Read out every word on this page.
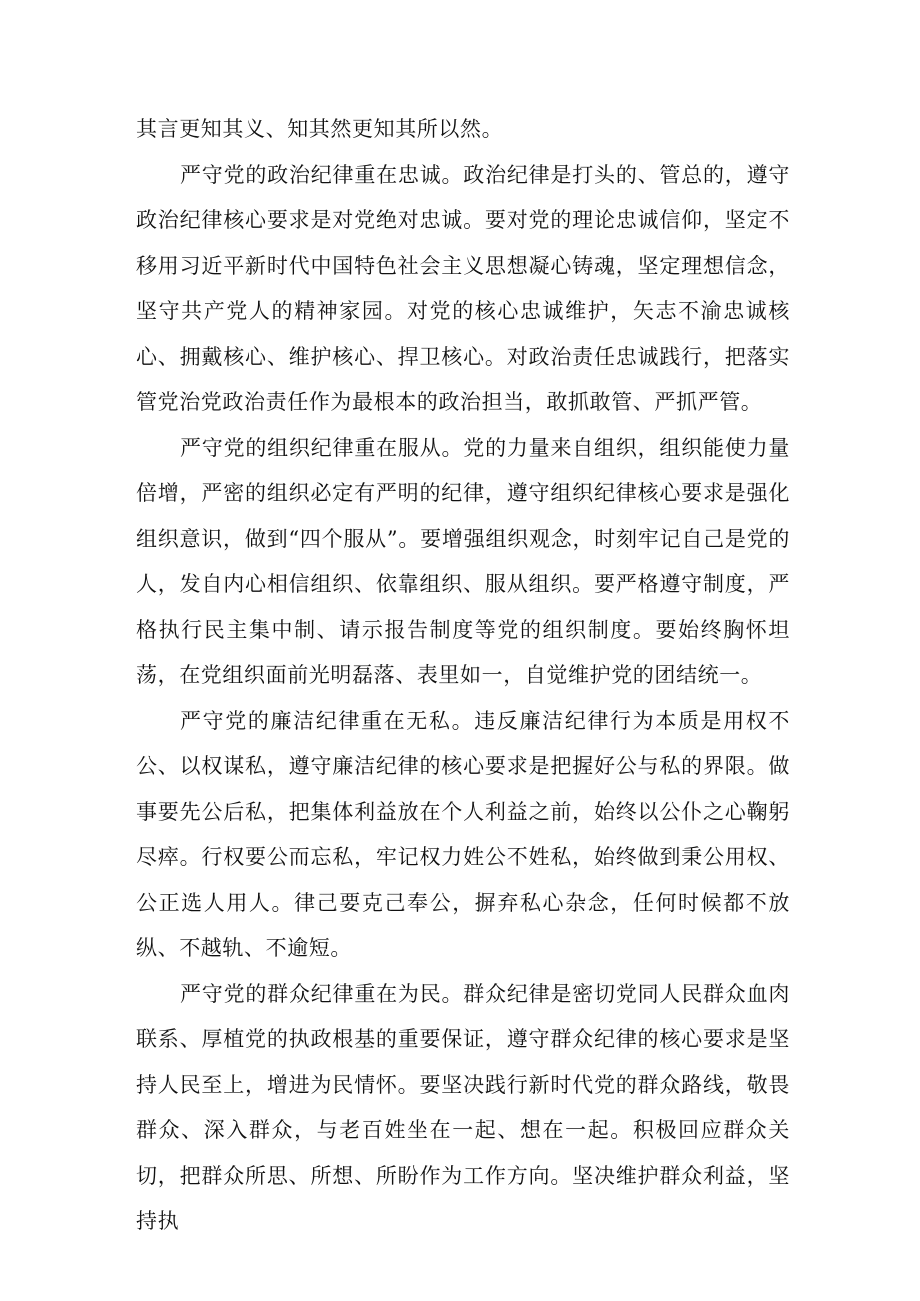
其言更知其义、知其然更知其所以然。

严守党的政治纪律重在忠诚。政治纪律是打头的、管总的，遵守政治纪律核心要求是对党绝对忠诚。要对党的理论忠诚信仰，坚定不移用习近平新时代中国特色社会主义思想凝心铸魂，坚定理想信念，坚守共产党人的精神家园。对党的核心忠诚维护，矢志不渝忠诚核心、拥戴核心、维护核心、捍卫核心。对政治责任忠诚践行，把落实管党治党政治责任作为最根本的政治担当，敢抓敢管、严抓严管。

严守党的组织纪律重在服从。党的力量来自组织，组织能使力量倍增，严密的组织必定有严明的纪律，遵守组织纪律核心要求是强化组织意识，做到“四个服从”。要增强组织观念，时刻牢记自己是党的人，发自内心相信组织、依靠组织、服从组织。要严格遵守制度，严格执行民主集中制、请示报告制度等党的组织制度。要始终胸怀坦荡，在党组织面前光明磊落、表里如一，自觉维护党的团结统一。

严守党的廉洁纪律重在无私。违反廉洁纪律行为本质是用权不公、以权谋私，遵守廉洁纪律的核心要求是把握好公与私的界限。做事要先公后私，把集体利益放在个人利益之前，始终以公仆之心鞠躬尽瘁。行权要公而忘私，牢记权力姓公不姓私，始终做到秉公用权、公正选人用人。律己要克己奉公，摒弃私心杂念，任何时候都不放纵、不越轨、不逾短。

严守党的群众纪律重在为民。群众纪律是密切党同人民群众血肉联系、厚植党的执政根基的重要保证，遵守群众纪律的核心要求是坚持人民至上，增进为民情怀。要坚决践行新时代党的群众路线，敬畏群众、深入群众，与老百姓坐在一起、想在一起。积极回应群众关切，把群众所思、所想、所盼作为工作方向。坚决维护群众利益，坚持执
